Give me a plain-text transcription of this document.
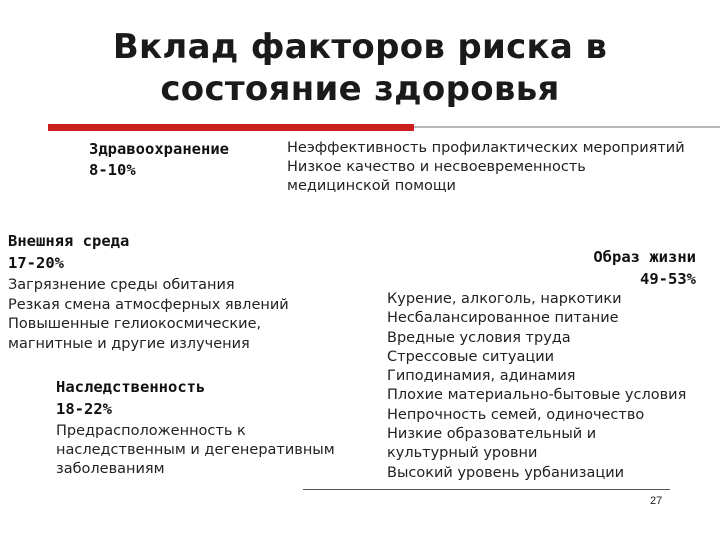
Вклад факторов риска в
состояние здоровья
Здравоохранение
8-10%
Неэффективность профилактических мероприятий
Низкое качество и несвоевременность
медицинской помощи
Внешняя среда
17-20%
Загрязнение среды обитания
Резкая смена атмосферных явлений
Повышенные гелиокосмические,
магнитные и другие излучения
Наследственность
18-22%
Предрасположенность к
наследственным и дегенеративным
заболеваниям
Образ жизни
49-53%
Курение, алкоголь, наркотики
Несбалансированное питание
Вредные условия труда
Стрессовые ситуации
Гиподинамия, адинамия
Плохие материально-бытовые условия
Непрочность семей, одиночество
Низкие образовательный и
культурный уровни
Высокий уровень урбанизации
27
